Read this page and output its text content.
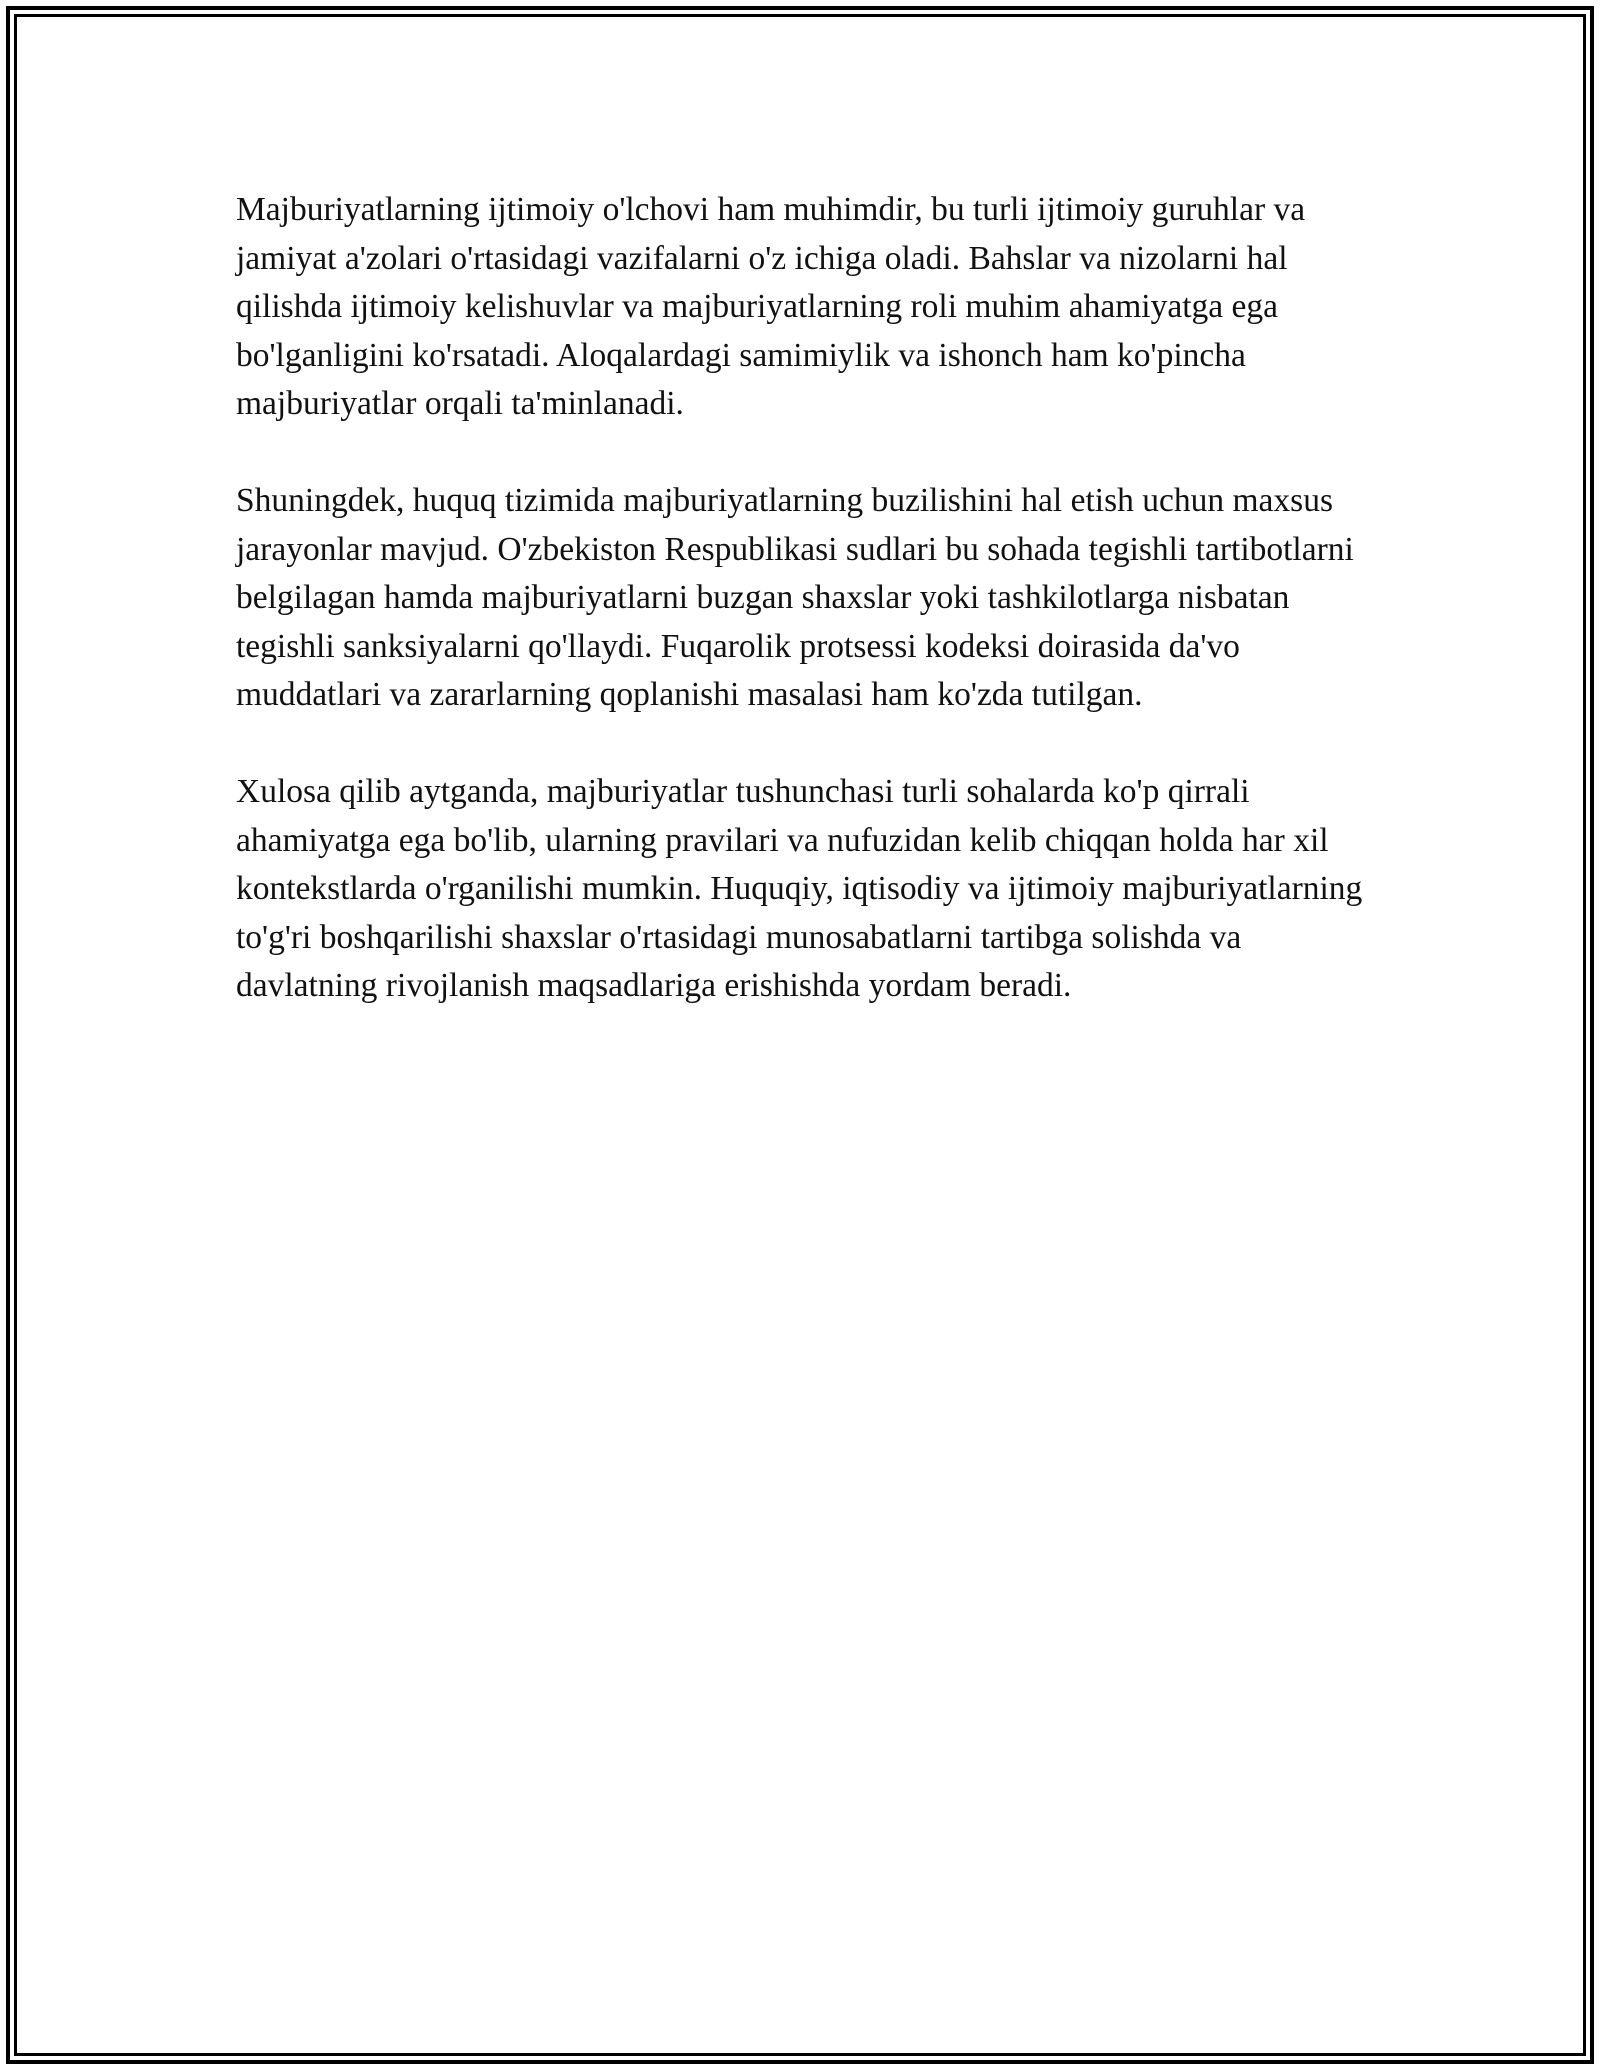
Majburiyatlarning ijtimoiy o'lchovi ham muhimdir, bu turli ijtimoiy guruhlar va jamiyat a'zolari o'rtasidagi vazifalarni o'z ichiga oladi. Bahslar va nizolarni hal qilishda ijtimoiy kelishuvlar va majburiyatlarning roli muhim ahamiyatga ega bo'lganligini ko'rsatadi. Aloqalardagi samimiylik va ishonch ham ko'pincha majburiyatlar orqali ta'minlanadi.

Shuningdek, huquq tizimida majburiyatlarning buzilishini hal etish uchun maxsus jarayonlar mavjud. O'zbekiston Respublikasi sudlari bu sohada tegishli tartibotlarni belgilagan hamda majburiyatlarni buzgan shaxslar yoki tashkilotlarga nisbatan tegishli sanksiyalarni qo'llaydi. Fuqarolik protsessi kodeksi doirasida da'vo muddatlari va zararlarning qoplanishi masalasi ham ko'zda tutilgan.

Xulosa qilib aytganda, majburiyatlar tushunchasi turli sohalarda ko'p qirrali ahamiyatga ega bo'lib, ularning pravilari va nufuzidan kelib chiqqan holda har xil kontekstlarda o'rganilishi mumkin. Huquqiy, iqtisodiy va ijtimoiy majburiyatlarning to'g'ri boshqarilishi shaxslar o'rtasidagi munosabatlarni tartibga solishda va davlatning rivojlanish maqsadlariga erishishda yordam beradi.
